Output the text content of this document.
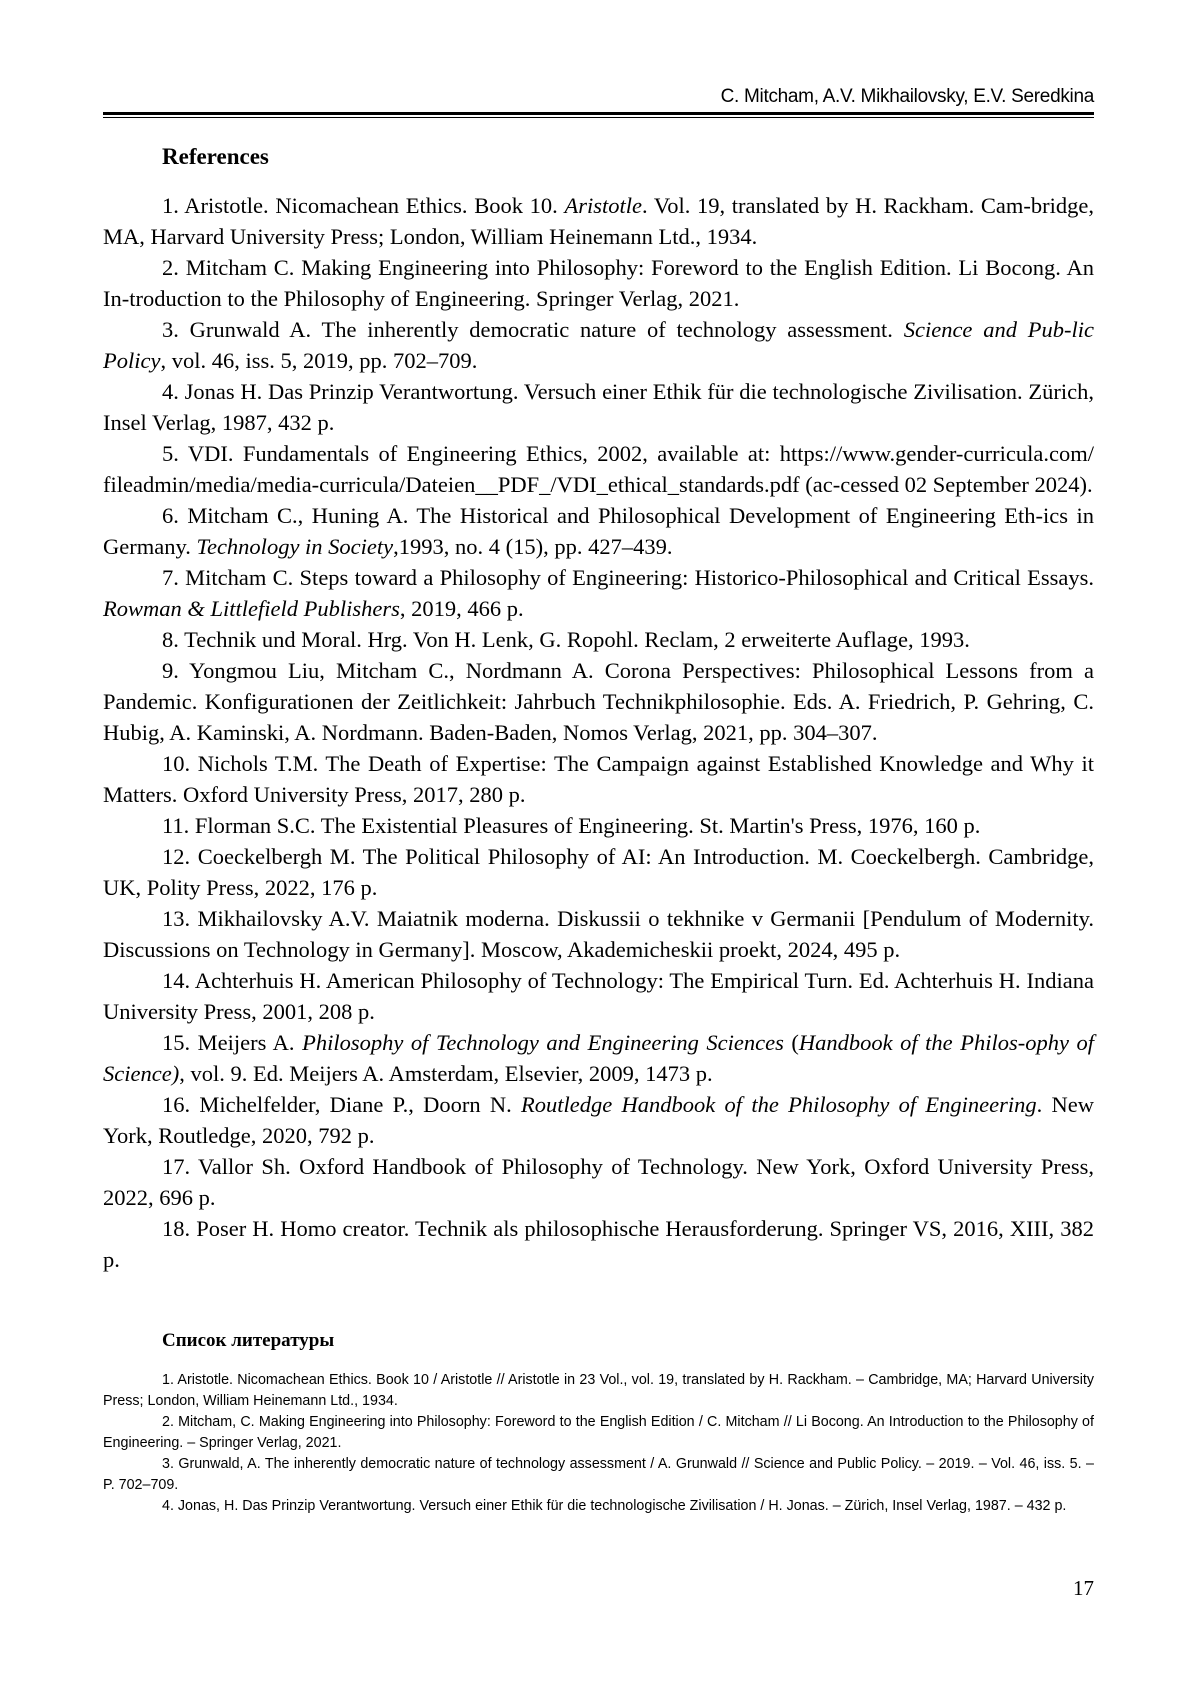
C. Mitcham, A.V. Mikhailovsky, E.V. Seredkina
References

1. Aristotle. Nicomachean Ethics. Book 10. Aristotle. Vol. 19, translated by H. Rackham. Cam-bridge, MA, Harvard University Press; London, William Heinemann Ltd., 1934.

2. Mitcham C. Making Engineering into Philosophy: Foreword to the English Edition. Li Bocong. An In-troduction to the Philosophy of Engineering. Springer Verlag, 2021.

3. Grunwald A. The inherently democratic nature of technology assessment. Science and Pub-lic Policy, vol. 46, iss. 5, 2019, pp. 702–709.

4. Jonas H. Das Prinzip Verantwortung. Versuch einer Ethik für die technologische Zivilisation. Zürich, Insel Verlag, 1987, 432 p.

5. VDI. Fundamentals of Engineering Ethics, 2002, available at: https://www.gender-curricula.com/ fileadmin/media/media-curricula/Dateien__PDF_/VDI_ethical_standards.pdf (ac-cessed 02 September 2024).

6. Mitcham C., Huning A. The Historical and Philosophical Development of Engineering Eth-ics in Germany. Technology in Society,1993, no. 4 (15), pp. 427–439.

7. Mitcham C. Steps toward a Philosophy of Engineering: Historico-Philosophical and Critical Essays. Rowman & Littlefield Publishers, 2019, 466 p.

8. Technik und Moral. Hrg. Von H. Lenk, G. Ropohl. Reclam, 2 erweiterte Auflage, 1993.

9. Yongmou Liu, Mitcham C., Nordmann A. Corona Perspectives: Philosophical Lessons from a Pandemic. Konfigurationen der Zeitlichkeit: Jahrbuch Technikphilosophie. Eds. A. Friedrich, P. Gehring, C. Hubig, A. Kaminski, A. Nordmann. Baden-Baden, Nomos Verlag, 2021, pp. 304–307.

10. Nichols T.M. The Death of Expertise: The Campaign against Established Knowledge and Why it Matters. Oxford University Press, 2017, 280 p.

11. Florman S.C. The Existential Pleasures of Engineering. St. Martin's Press, 1976, 160 p.

12. Coeckelbergh M. The Political Philosophy of AI: An Introduction. M. Coeckelbergh. Cambridge, UK, Polity Press, 2022, 176 p.

13. Mikhailovsky A.V. Maiatnik moderna. Diskussii o tekhnike v Germanii [Pendulum of Modernity. Discussions on Technology in Germany]. Moscow, Akademicheskii proekt, 2024, 495 p.

14. Achterhuis H. American Philosophy of Technology: The Empirical Turn. Ed. Achterhuis H. Indiana University Press, 2001, 208 p.

15. Meijers A. Philosophy of Technology and Engineering Sciences (Handbook of the Philos-ophy of Science), vol. 9. Ed. Meijers A. Amsterdam, Elsevier, 2009, 1473 p.

16. Michelfelder, Diane P., Doorn N. Routledge Handbook of the Philosophy of Engineering. New York, Routledge, 2020, 792 p.

17. Vallor Sh. Oxford Handbook of Philosophy of Technology. New York, Oxford University Press, 2022, 696 p.

18. Poser H. Homo creator. Technik als philosophische Herausforderung. Springer VS, 2016, XIII, 382 p.

Список литературы

1. Aristotle. Nicomachean Ethics. Book 10 / Aristotle // Aristotle in 23 Vol., vol. 19, translated by H. Rackham. – Cambridge, MA; Harvard University Press; London, William Heinemann Ltd., 1934.

2. Mitcham, C. Making Engineering into Philosophy: Foreword to the English Edition / C. Mitcham // Li Bocong. An Introduction to the Philosophy of Engineering. – Springer Verlag, 2021.

3. Grunwald, A. The inherently democratic nature of technology assessment / A. Grunwald // Science and Public Policy. – 2019. – Vol. 46, iss. 5. – P. 702–709.

4. Jonas, H. Das Prinzip Verantwortung. Versuch einer Ethik für die technologische Zivilisation / H. Jonas. – Zürich, Insel Verlag, 1987. – 432 p.

17
